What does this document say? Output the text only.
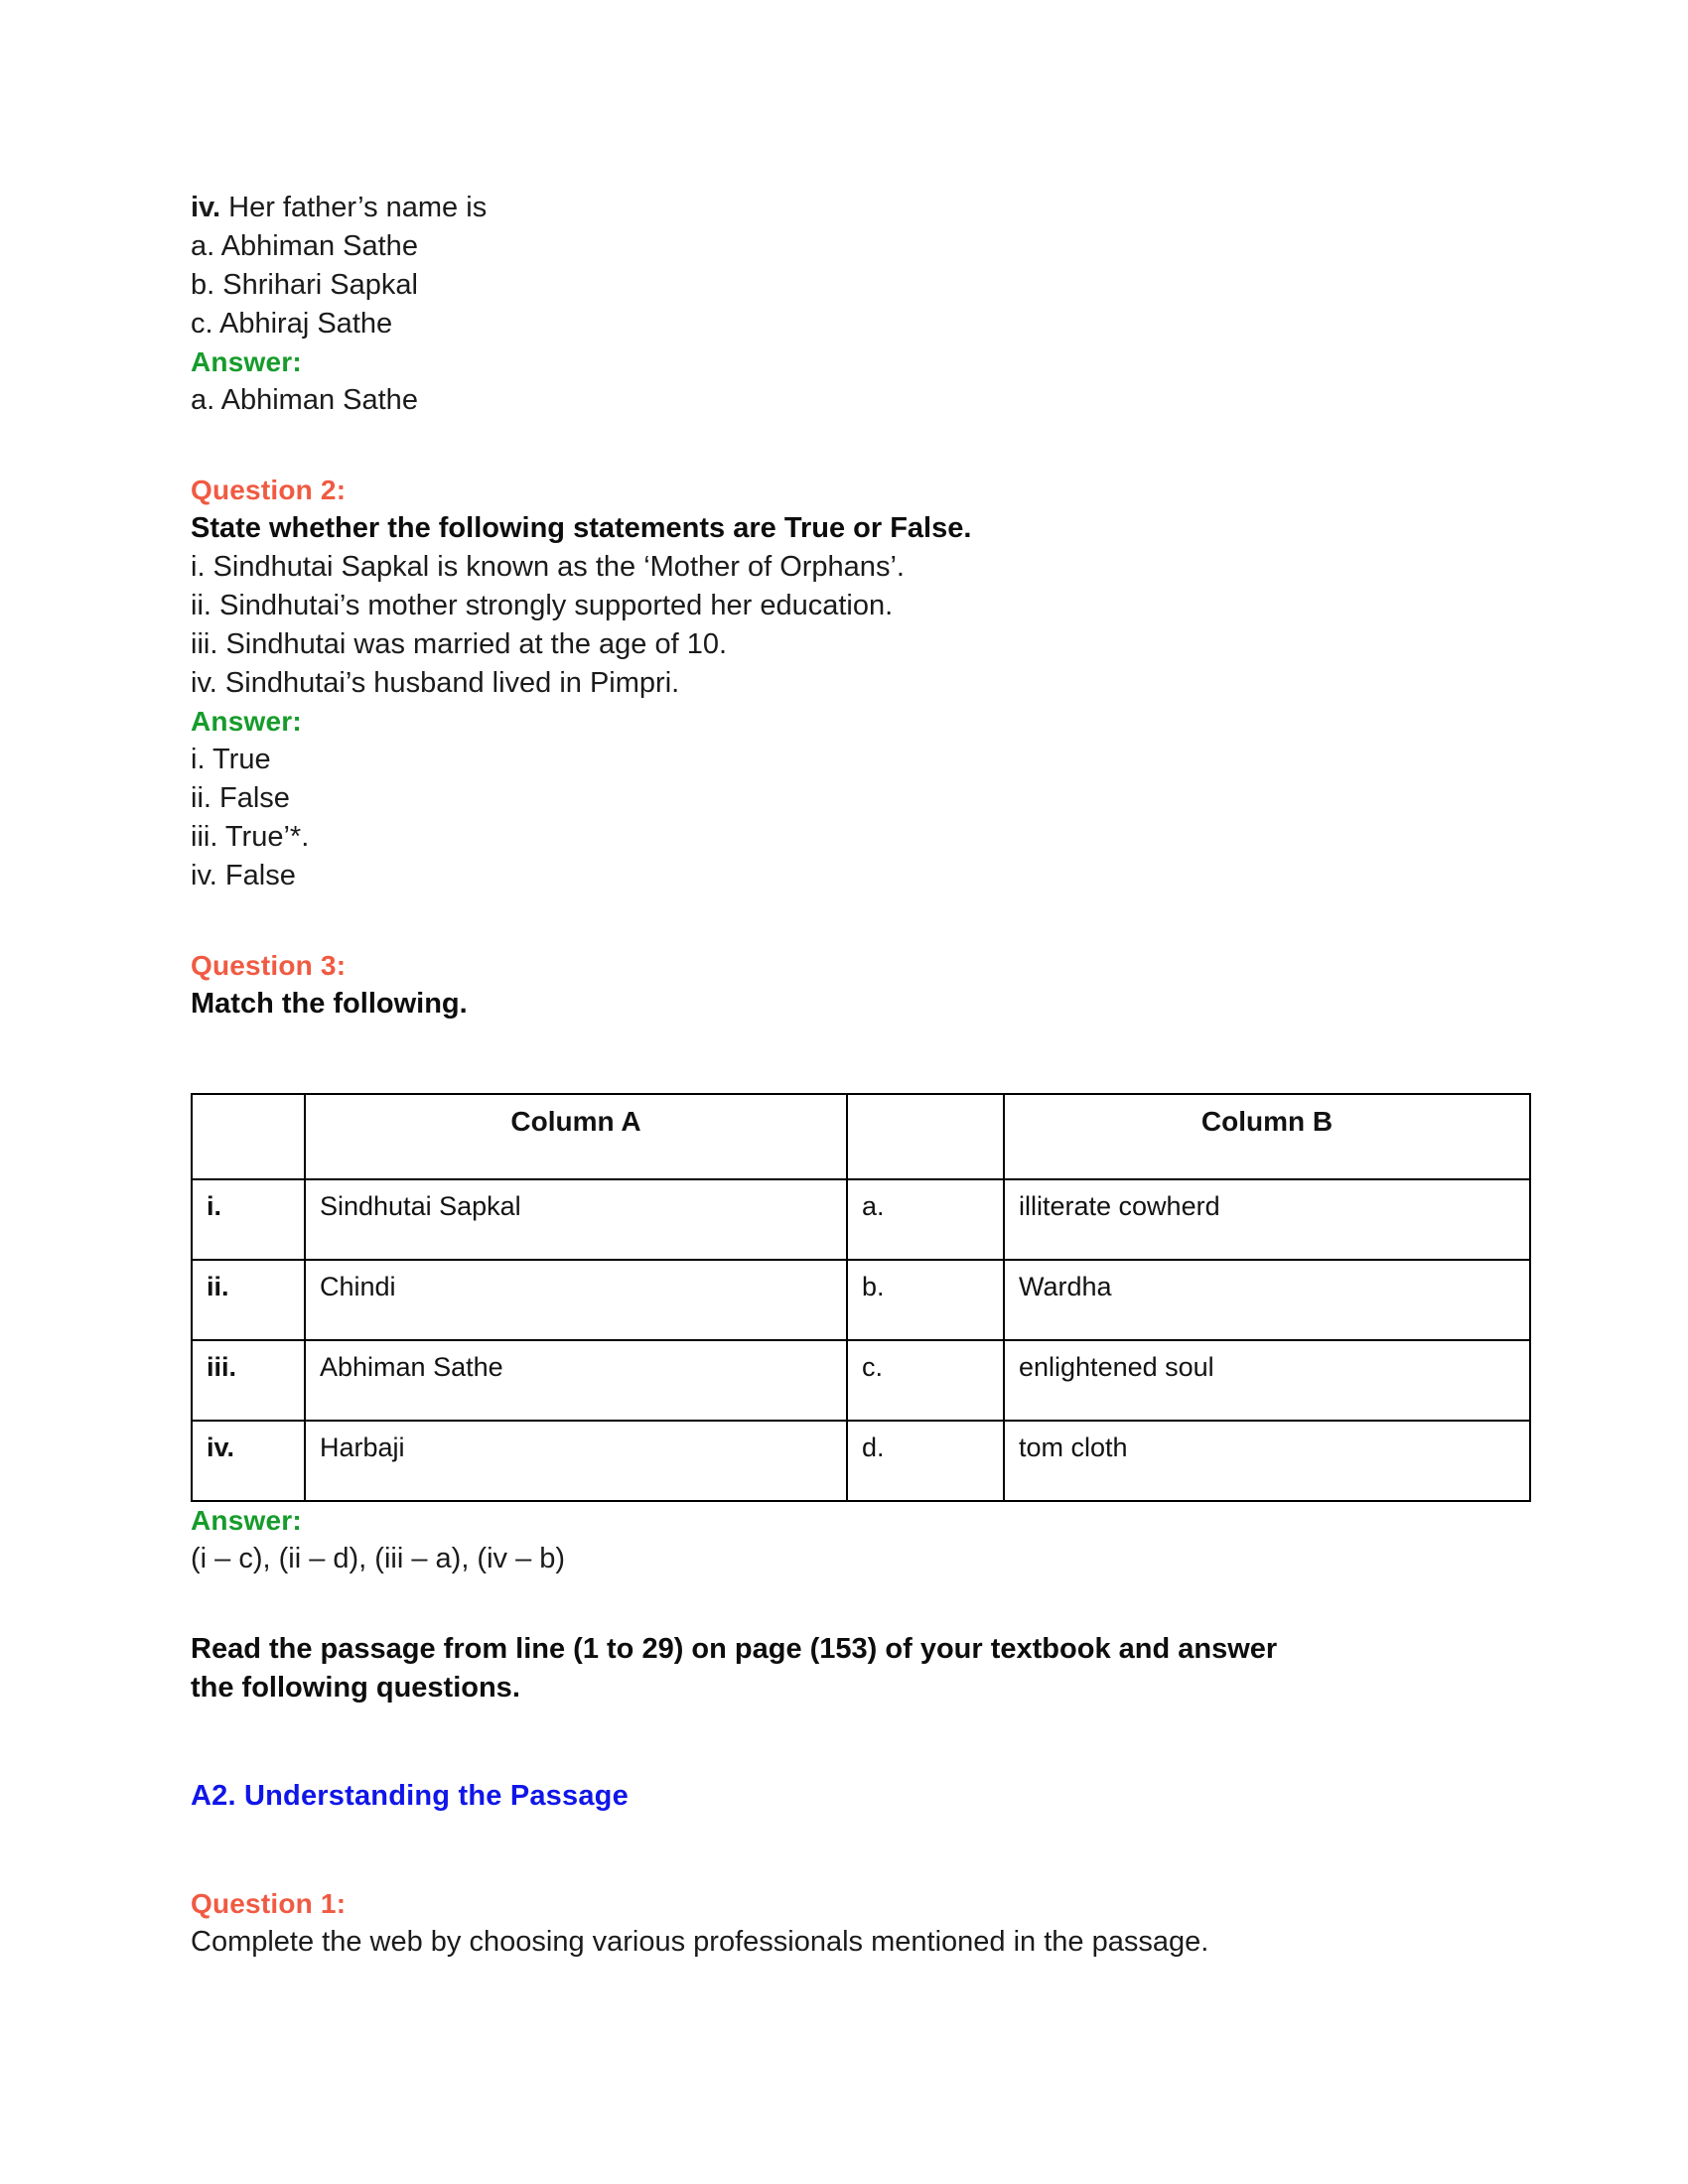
iv. Her father’s name is
a. Abhiman Sathe
b. Shrihari Sapkal
c. Abhiraj Sathe
Answer:
a. Abhiman Sathe
Question 2:
State whether the following statements are True or False.
i. Sindhutai Sapkal is known as the ‘Mother of Orphans’.
ii. Sindhutai’s mother strongly supported her education.
iii. Sindhutai was married at the age of 10.
iv. Sindhutai’s husband lived in Pimpri.
Answer:
i. True
ii. False
iii. True’*.
iv. False
Question 3:
Match the following.
	Column A		Column B
i.	Sindhutai Sapkal	a.	illiterate cowherd
ii.	Chindi	b.	Wardha
iii.	Abhiman Sathe	c.	enlightened soul
iv.	Harbaji	d.	tom cloth
Answer:
(i – c), (ii – d), (iii – a), (iv – b)
Read the passage from line (1 to 29) on page (153) of your textbook and answer
the following questions.
A2. Understanding the Passage
Question 1:
Complete the web by choosing various professionals mentioned in the passage.
